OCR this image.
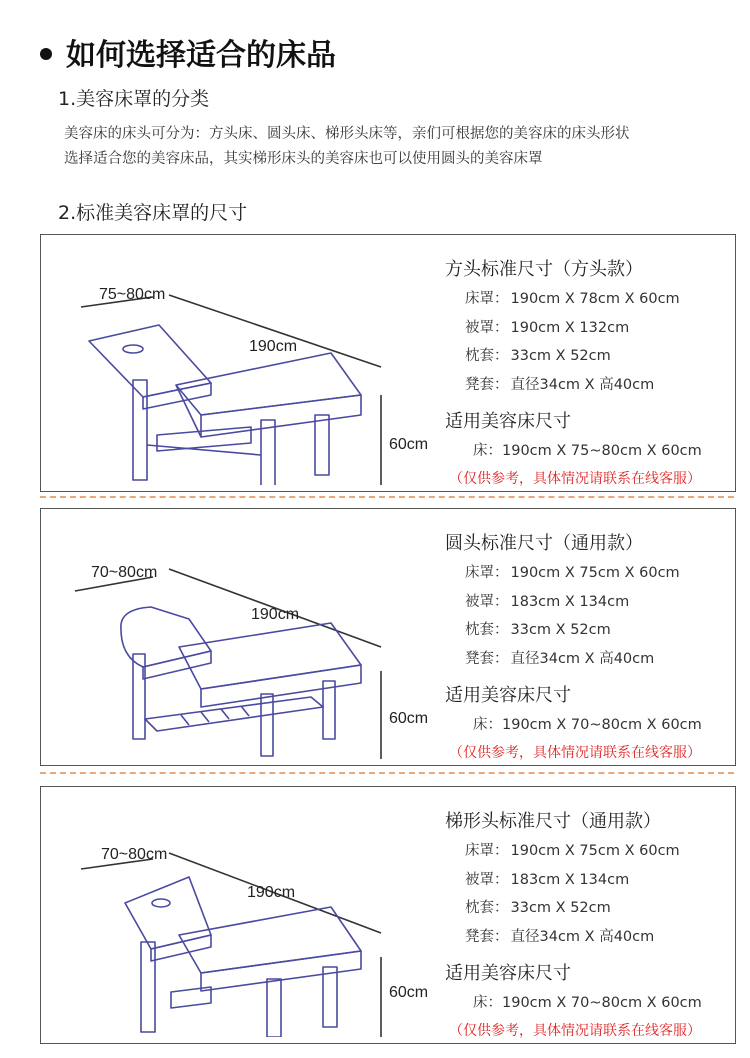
如何选择适合的床品
1.美容床罩的分类
美容床的床头可分为：方头床、圆头床、梯形头床等，亲们可根据您的美容床的床头形状
选择适合您的美容床品，其实梯形床头的美容床也可以使用圆头的美容床罩
2.标准美容床罩的尺寸
75~80cm
190cm
60cm
方头标准尺寸（方头款）
床罩： 190cm X 78cm X 60cm
被罩： 190cm X 132cm
枕套： 33cm X 52cm
凳套： 直径34cm X 高40cm
适用美容床尺寸
床：190cm X 75~80cm X 60cm
（仅供参考，具体情况请联系在线客服）
70~80cm
190cm
60cm
圆头标准尺寸（通用款）
床罩： 190cm X 75cm X 60cm
被罩： 183cm X 134cm
枕套： 33cm X 52cm
凳套： 直径34cm X 高40cm
适用美容床尺寸
床：190cm X 70~80cm X 60cm
（仅供参考，具体情况请联系在线客服）
70~80cm
190cm
60cm
梯形头标准尺寸（通用款）
床罩： 190cm X 75cm X 60cm
被罩： 183cm X 134cm
枕套： 33cm X 52cm
凳套： 直径34cm X 高40cm
适用美容床尺寸
床：190cm X 70~80cm X 60cm
（仅供参考，具体情况请联系在线客服）
